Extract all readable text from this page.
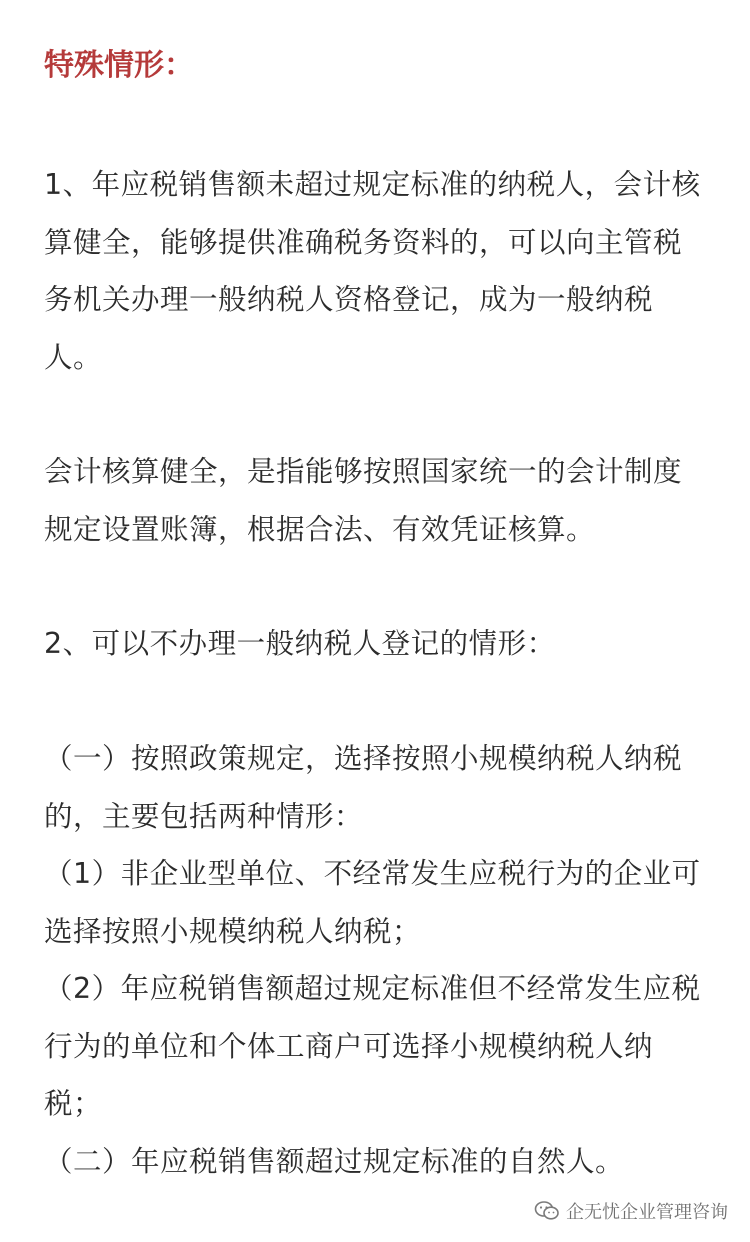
特殊情形：

1、年应税销售额未超过规定标准的纳税人，会计核
算健全，能够提供准确税务资料的，可以向主管税
务机关办理一般纳税人资格登记，成为一般纳税
人。

会计核算健全，是指能够按照国家统一的会计制度
规定设置账簿，根据合法、有效凭证核算。

2、可以不办理一般纳税人登记的情形：

（一）按照政策规定，选择按照小规模纳税人纳税
的，主要包括两种情形：
（1）非企业型单位、不经常发生应税行为的企业可
选择按照小规模纳税人纳税；
（2）年应税销售额超过规定标准但不经常发生应税
行为的单位和个体工商户可选择小规模纳税人纳
税；
（二）年应税销售额超过规定标准的自然人。

企无忧企业管理咨询
